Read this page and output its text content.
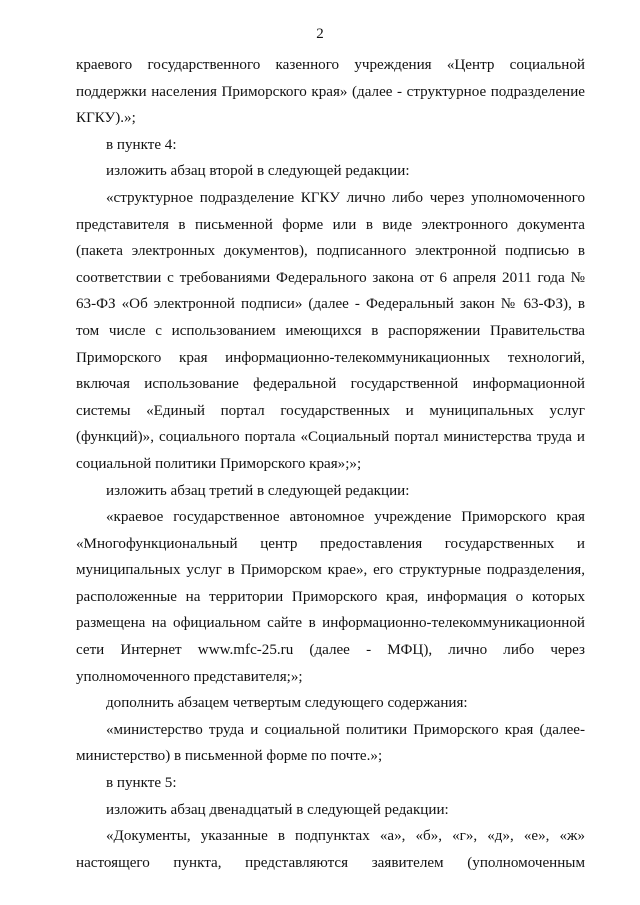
2

краевого государственного казенного учреждения «Центр социальной поддержки населения Приморского края» (далее - структурное подразделение КГКУ).»;

в пункте 4:

изложить абзац второй в следующей редакции:

«структурное подразделение КГКУ лично либо через уполномоченного представителя в письменной форме или в виде электронного документа (пакета электронных документов), подписанного электронной подписью в соответствии с требованиями Федерального закона от 6 апреля 2011 года № 63-ФЗ «Об электронной подписи» (далее - Федеральный закон № 63-ФЗ), в том числе с использованием имеющихся в распоряжении Правительства Приморского края информационно-телекоммуникационных технологий, включая использование федеральной государственной информационной системы «Единый портал государственных и муниципальных услуг (функций)», социального портала «Социальный портал министерства труда и социальной политики Приморского края»;»;

изложить абзац третий в следующей редакции:

«краевое государственное автономное учреждение Приморского края «Многофункциональный центр предоставления государственных и муниципальных услуг в Приморском крае», его структурные подразделения, расположенные на территории Приморского края, информация о которых размещена на официальном сайте в информационно-телекоммуникационной сети Интернет www.mfc-25.ru (далее - МФЦ), лично либо через уполномоченного представителя;»;

дополнить абзацем четвертым следующего содержания:

«министерство труда и социальной политики Приморского края (далее-министерство) в письменной форме по почте.»;

в пункте 5:

изложить абзац двенадцатый в следующей редакции:

«Документы, указанные в подпунктах «а», «б», «г», «д», «е», «ж» настоящего пункта, представляются заявителем (уполномоченным
